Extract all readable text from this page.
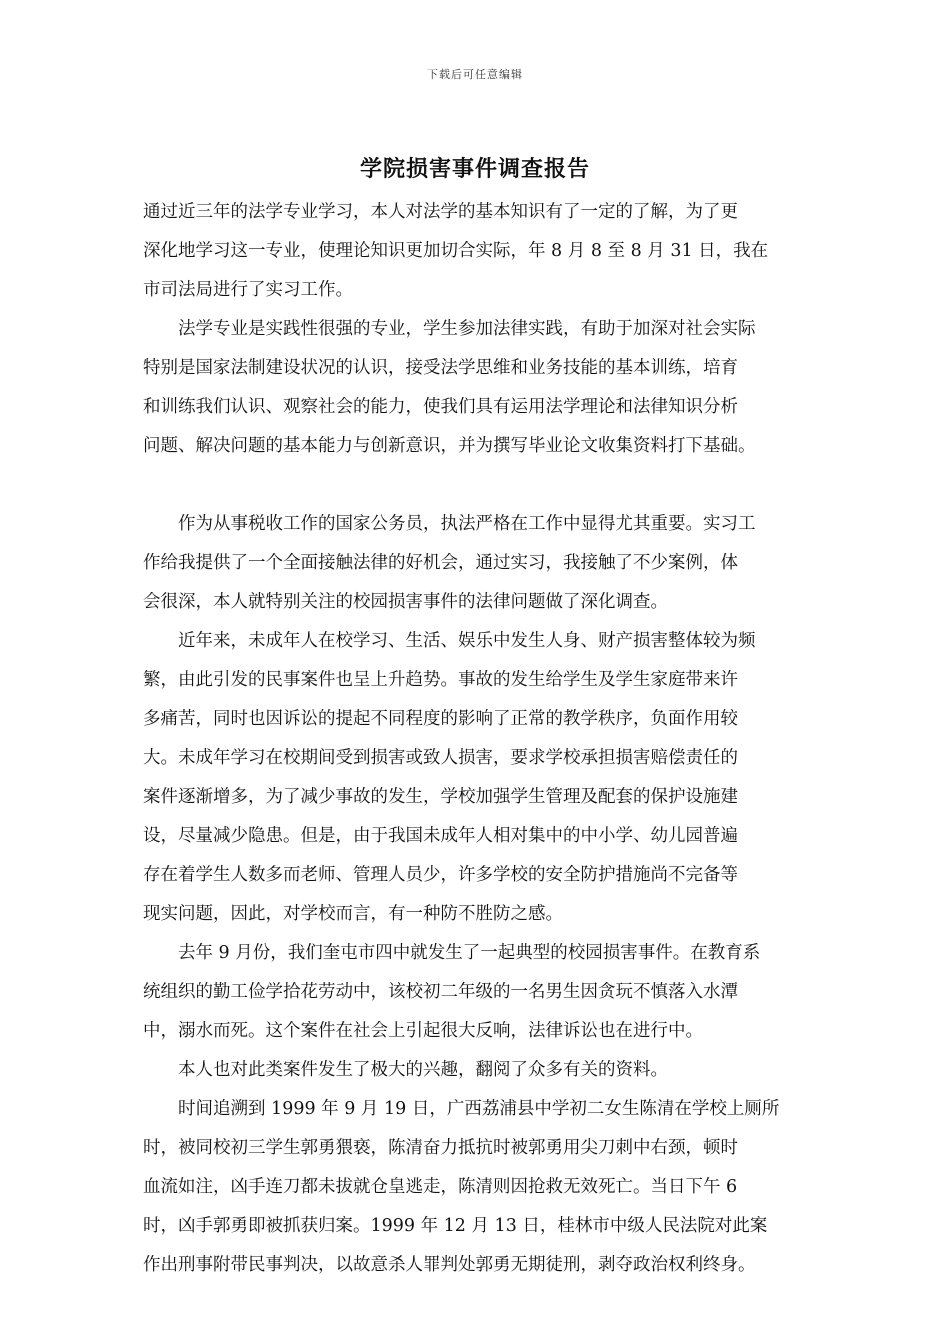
下载后可任意编辑
学院损害事件调查报告
通过近三年的法学专业学习，本人对法学的基本知识有了一定的了解，为了更
深化地学习这一专业，使理论知识更加切合实际，年 8 月 8 至 8 月 31 日，我在
市司法局进行了实习工作。
　　法学专业是实践性很强的专业，学生参加法律实践，有助于加深对社会实际
特别是国家法制建设状况的认识，接受法学思维和业务技能的基本训练，培育
和训练我们认识、观察社会的能力，使我们具有运用法学理论和法律知识分析
问题、解决问题的基本能力与创新意识，并为撰写毕业论文收集资料打下基础。
　　作为从事税收工作的国家公务员，执法严格在工作中显得尤其重要。实习工
作给我提供了一个全面接触法律的好机会，通过实习，我接触了不少案例，体
会很深，本人就特别关注的校园损害事件的法律问题做了深化调查。
　　近年来，未成年人在校学习、生活、娱乐中发生人身、财产损害整体较为频
繁，由此引发的民事案件也呈上升趋势。事故的发生给学生及学生家庭带来许
多痛苦，同时也因诉讼的提起不同程度的影响了正常的教学秩序，负面作用较
大。未成年学习在校期间受到损害或致人损害，要求学校承担损害赔偿责任的
案件逐渐增多，为了减少事故的发生，学校加强学生管理及配套的保护设施建
设，尽量减少隐患。但是，由于我国未成年人相对集中的中小学、幼儿园普遍
存在着学生人数多而老师、管理人员少，许多学校的安全防护措施尚不完备等
现实问题，因此，对学校而言，有一种防不胜防之感。
　　去年 9 月份，我们奎屯市四中就发生了一起典型的校园损害事件。在教育系
统组织的勤工俭学拾花劳动中，该校初二年级的一名男生因贪玩不慎落入水潭
中，溺水而死。这个案件在社会上引起很大反响，法律诉讼也在进行中。
　　本人也对此类案件发生了极大的兴趣，翻阅了众多有关的资料。
　　时间追溯到 1999 年 9 月 19 日，广西荔浦县中学初二女生陈清在学校上厕所
时，被同校初三学生郭勇猥亵，陈清奋力抵抗时被郭勇用尖刀刺中右颈，顿时
血流如注，凶手连刀都未拔就仓皇逃走，陈清则因抢救无效死亡。当日下午 6
时，凶手郭勇即被抓获归案。1999 年 12 月 13 日，桂林市中级人民法院对此案
作出刑事附带民事判决，以故意杀人罪判处郭勇无期徒刑，剥夺政治权利终身。
